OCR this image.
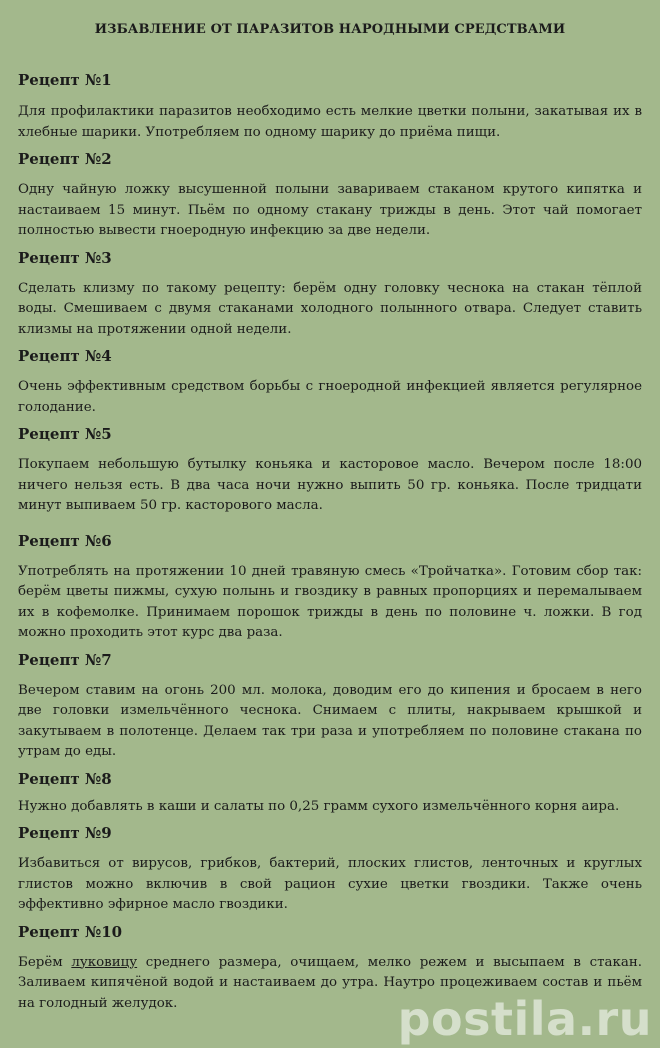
ИЗБАВЛЕНИЕ ОТ ПАРАЗИТОВ НАРОДНЫМИ СРЕДСТВАМИ
Рецепт №1
Для профилактики паразитов необходимо есть мелкие цветки полыни, закатывая их в хлебные шарики. Употребляем по одному шарику до приёма пищи.
Рецепт №2
Одну чайную ложку высушенной полыни завариваем стаканом крутого кипятка и настаиваем 15 минут. Пьём по одному стакану трижды в день. Этот чай помогает полностью вывести гноеродную инфекцию за две недели.
Рецепт №3
Сделать клизму по такому рецепту: берём одну головку чеснока на стакан тёплой воды. Смешиваем с двумя стаканами холодного полынного отвара. Следует ставить клизмы на протяжении одной недели.
Рецепт №4
Очень эффективным средством борьбы с гноеродной инфекцией является регулярное голодание.
Рецепт №5
Покупаем небольшую бутылку коньяка и касторовое масло. Вечером после 18:00 ничего нельзя есть. В два часа ночи нужно выпить 50 гр. коньяка. После тридцати минут выпиваем 50 гр. касторового масла.
Рецепт №6
Употреблять на протяжении 10 дней травяную смесь «Тройчатка». Готовим сбор так: берём цветы пижмы, сухую полынь и гвоздику в равных пропорциях и перемалываем их в кофемолке. Принимаем порошок трижды в день по половине ч. ложки. В год можно проходить этот курс два раза.
Рецепт №7
Вечером ставим на огонь 200 мл. молока, доводим его до кипения и бросаем в него две головки измельчённого чеснока. Снимаем с плиты, накрываем крышкой и закутываем в полотенце. Делаем так три раза и употребляем по половине стакана по утрам до еды.
Рецепт №8
Нужно добавлять в каши и салаты по 0,25 грамм сухого измельчённого корня аира.
Рецепт №9
Избавиться от вирусов, грибков, бактерий, плоских глистов, ленточных и круглых глистов можно включив в свой рацион сухие цветки гвоздики. Также очень эффективно эфирное масло гвоздики.
Рецепт №10
Берём луковицу среднего размера, очищаем, мелко режем и высыпаем в стакан. Заливаем кипячёной водой и настаиваем до утра. Наутро процеживаем состав и пьём на голодный желудок.	postila.ru
